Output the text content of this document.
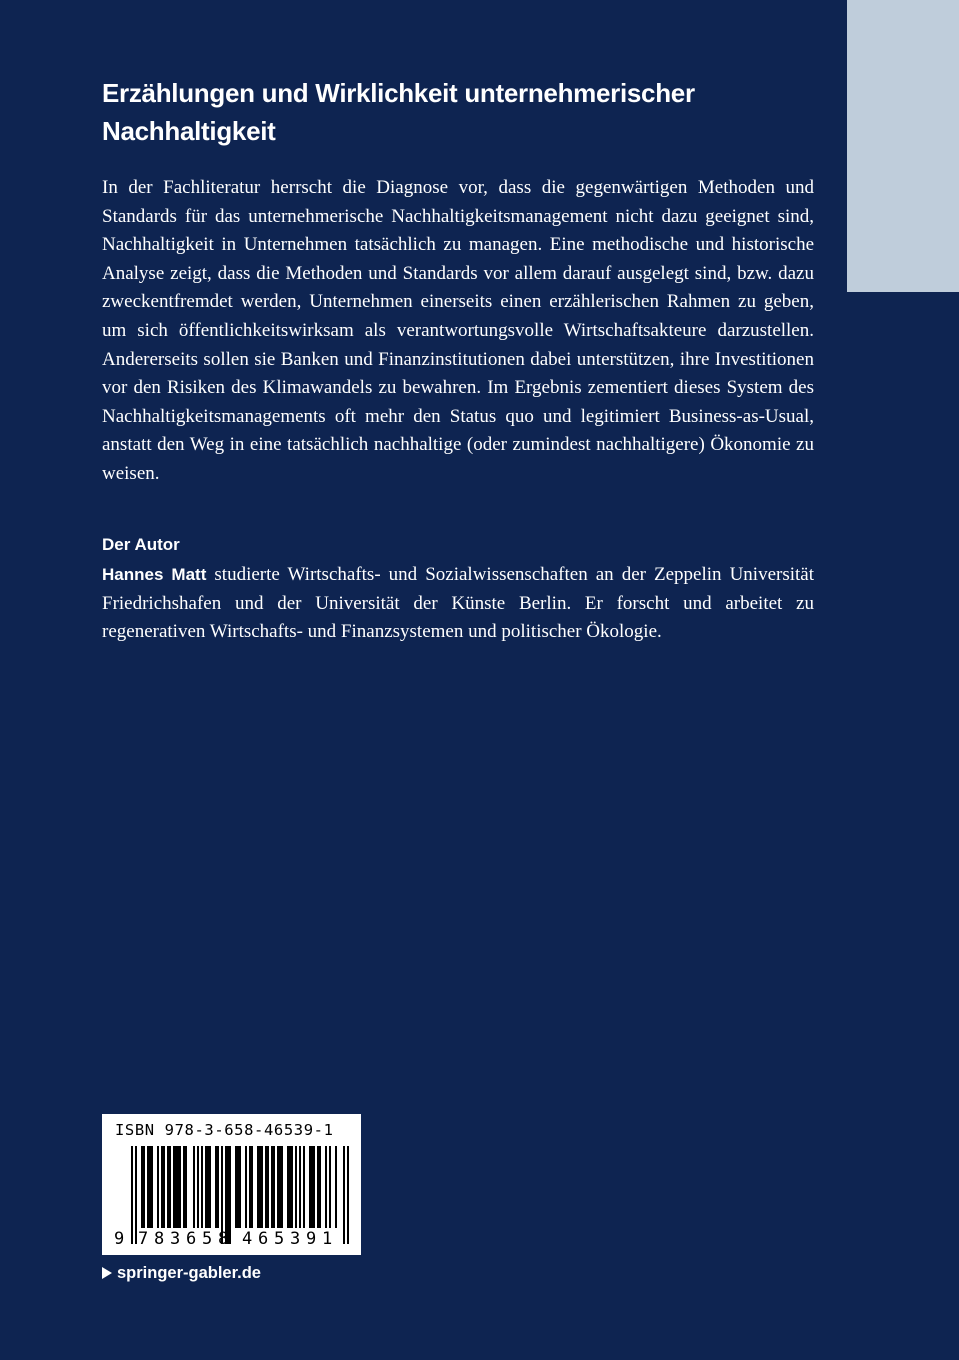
Erzählungen und Wirklichkeit unternehmerischer
Nachhaltigkeit

In der Fachliteratur herrscht die Diagnose vor, dass die gegenwärtigen Methoden und Standards für das unternehmerische Nachhaltigkeitsmanagement nicht dazu geeignet sind, Nachhaltigkeit in Unternehmen tatsächlich zu managen. Eine methodische und historische Analyse zeigt, dass die Methoden und Standards vor allem darauf ausgelegt sind, bzw. dazu zweckentfremdet werden, Unternehmen einerseits einen erzählerischen Rahmen zu geben, um sich öffentlichkeitswirksam als verantwortungsvolle Wirtschaftsakteure darzustellen. Andererseits sollen sie Banken und Finanzinstitutionen dabei unterstützen, ihre Investitionen vor den Risiken des Klimawandels zu bewahren. Im Ergebnis zementiert dieses System des Nachhaltigkeitsmanagements oft mehr den Status quo und legitimiert Business-as-Usual, anstatt den Weg in eine tatsächlich nachhaltige (oder zumindest nachhaltigere) Ökonomie zu weisen.

Der Autor

Hannes Matt studierte Wirtschafts- und Sozialwissenschaften an der Zeppelin Universität Friedrichshafen und der Universität der Künste Berlin. Er forscht und arbeitet zu regenerativen Wirtschafts- und Finanzsystemen und politischer Ökologie.

ISBN 978-3-658-46539-1
9 7 8 3 6 5 8 4 6 5 3 9 1
springer-gabler.de
